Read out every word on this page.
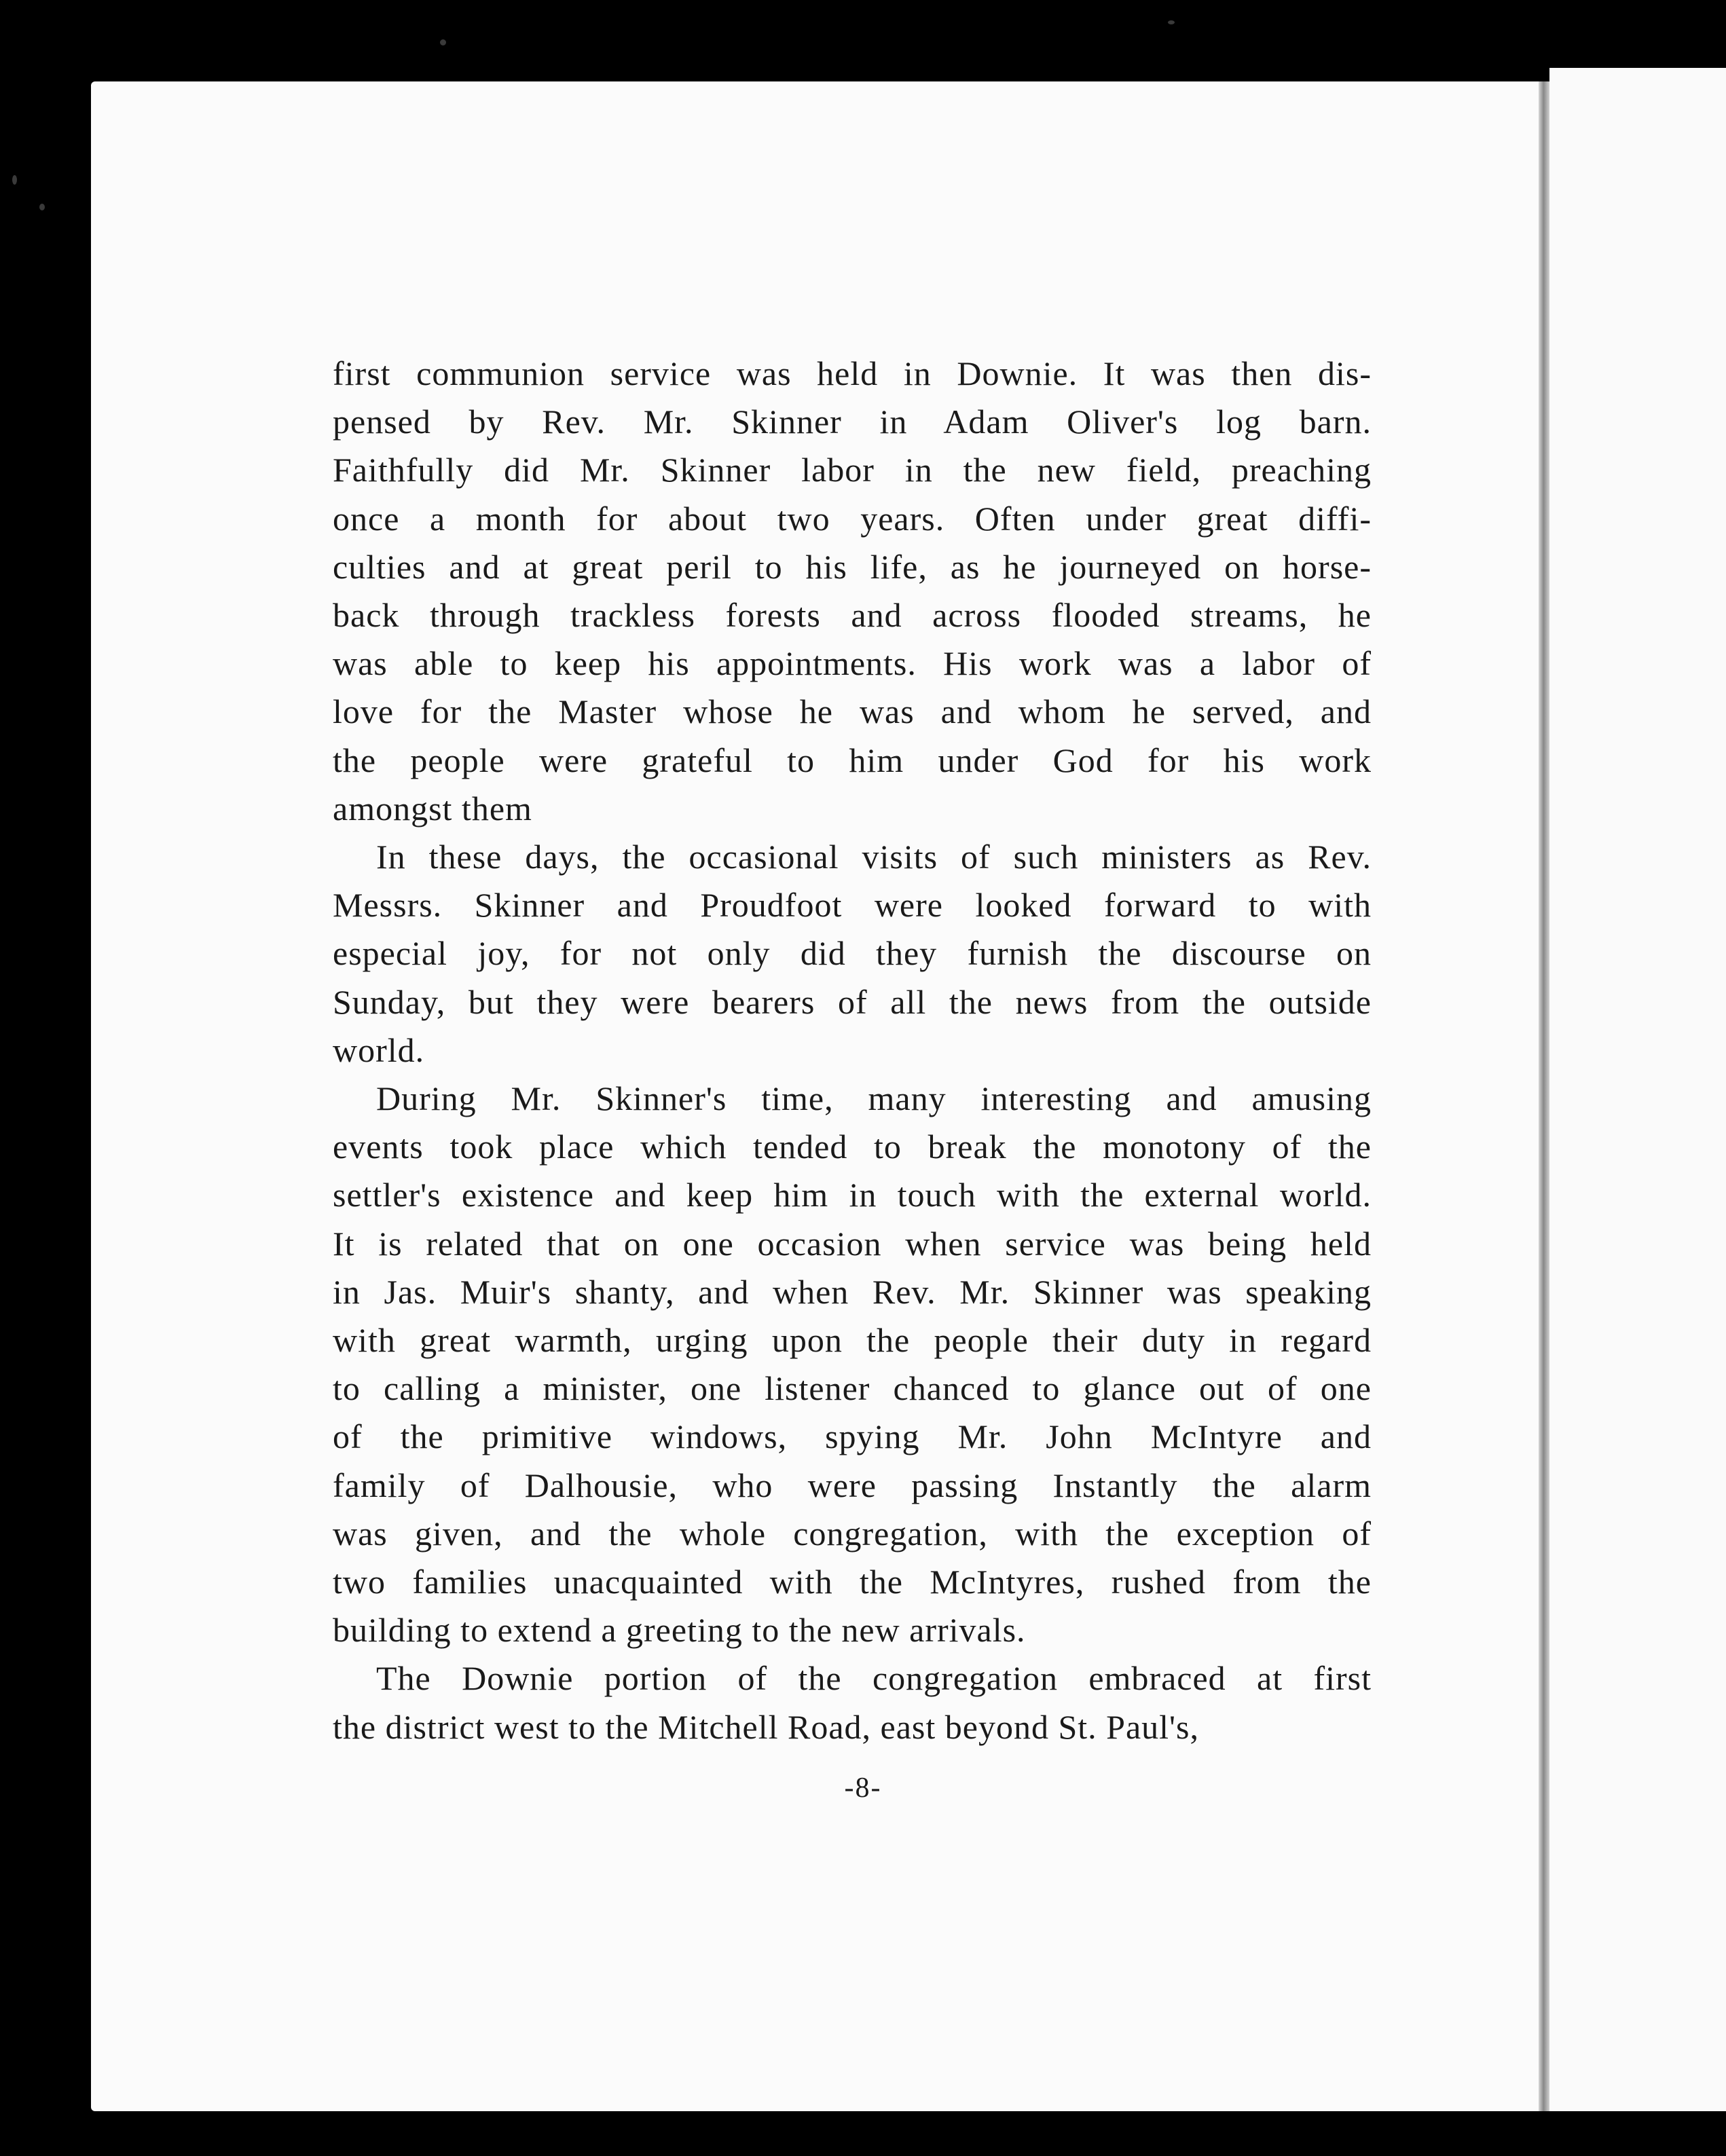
first communion service was held in Downie. It was then dis-

pensed by Rev. Mr. Skinner in Adam Oliver's log barn.

Faithfully did Mr. Skinner labor in the new field, preaching

once a month for about two years. Often under great diffi-

culties and at great peril to his life, as he journeyed on horse-

back through trackless forests and across flooded streams, he

was able to keep his appointments. His work was a labor of

love for the Master whose he was and whom he served, and

the people were grateful to him under God for his work

amongst them

In these days, the occasional visits of such ministers as Rev.

Messrs. Skinner and Proudfoot were looked forward to with

especial joy, for not only did they furnish the discourse on

Sunday, but they were bearers of all the news from the outside

world.

During Mr. Skinner's time, many interesting and amusing

events took place which tended to break the monotony of the

settler's existence and keep him in touch with the external world.

It is related that on one occasion when service was being held

in Jas. Muir's shanty, and when Rev. Mr. Skinner was speaking

with great warmth, urging upon the people their duty in regard

to calling a minister, one listener chanced to glance out of one

of the primitive windows, spying Mr. John McIntyre and

family of Dalhousie, who were passing Instantly the alarm

was given, and the whole congregation, with the exception of

two families unacquainted with the McIntyres, rushed from the

building to extend a greeting to the new arrivals.

The Downie portion of the congregation embraced at first

the district west to the Mitchell Road, east beyond St. Paul's,

-8-
